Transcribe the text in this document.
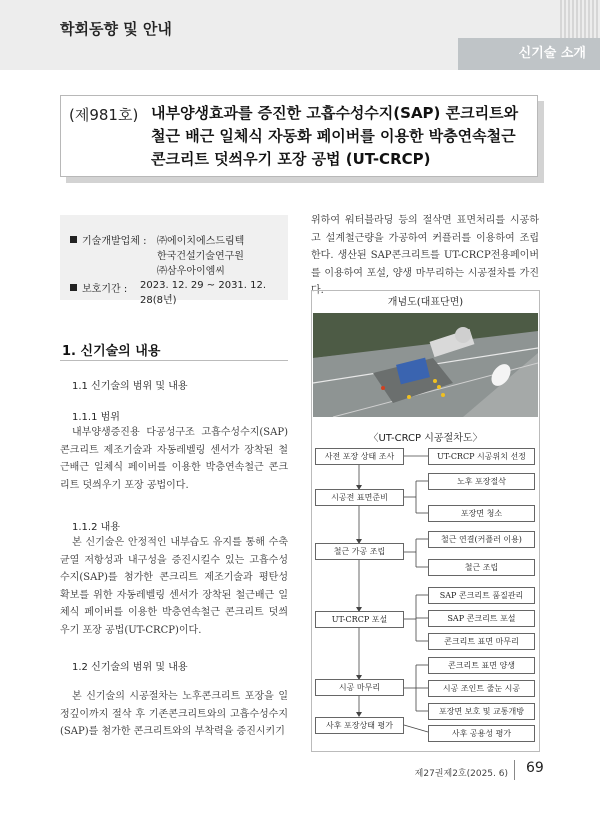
학회동향 및 안내
신기술 소개
(제981호) 내부양생효과를 증진한 고흡수성수지(SAP) 콘크리트와 철근 배근 일체식 자동화 페이버를 이용한 박층연속철근 콘크리트 덧씌우기 포장 공법 (UT-CRCP)
기술개발업체 : ㈜에이치에스드림텍
한국건설기술연구원
㈜삼우아이엠씨
보호기간 : 2023. 12. 29 ~ 2031. 12. 28(8년)
1. 신기술의 내용
1.1 신기술의 범위 및 내용
1.1.1 범위
내부양생증진용 다공성구조 고흡수성수지(SAP) 콘크리트 제조기술과 자동레벨링 센서가 장착된 철근배근 일체식 페이버를 이용한 박층연속철근 콘크리트 덧씌우기 포장 공법이다.
1.1.2 내용
본 신기술은 안정적인 내부습도 유지를 통해 수축균열 저항성과 내구성을 증진시킬수 있는 고흡수성수지(SAP)를 첨가한 콘크리트 제조기술과 평탄성 확보를 위한 자동레벨링 센서가 장착된 철근배근 일체식 페이버를 이용한 박층연속철근 콘크리트 덧씌우기 포장 공법(UT-CRCP)이다.
1.2 신기술의 범위 및 내용
본 신기술의 시공절차는 노후콘크리트 포장을 일정깊이까지 절삭 후 기존콘크리트와의 고흡수성수지(SAP)를 첨가한 콘크리트와의 부착력을 증진시키기
위하여 워터블라딩 등의 절삭면 표면처리를 시공하고 설계철근량을 가공하여 커플러를 이용하여 조립한다. 생산된 SAP콘크리트를 UT-CRCP전용페이버를 이용하여 포설, 양생 마무리하는 시공절차를 가진다.
개념도(대표단면)
〈UT-CRCP 시공절차도〉
사전 포장 상태 조사
시공전 표면준비
철근 가공 조립
UT-CRCP 포설
시공 마무리
사후 포장상태 평가
UT-CRCP 시공위치 선정
노후 포장절삭
포장면 청소
철근 연결(커플러 이용)
철근 조립
SAP 콘크리트 품질관리
SAP 콘크리트 포설
콘크리트 표면 마무리
콘크리트 표면 양생
시공 조인트 줄눈 시공
포장면 보호 및 교통개방
사후 공용성 평가
제27권제2호(2025. 6) 69
